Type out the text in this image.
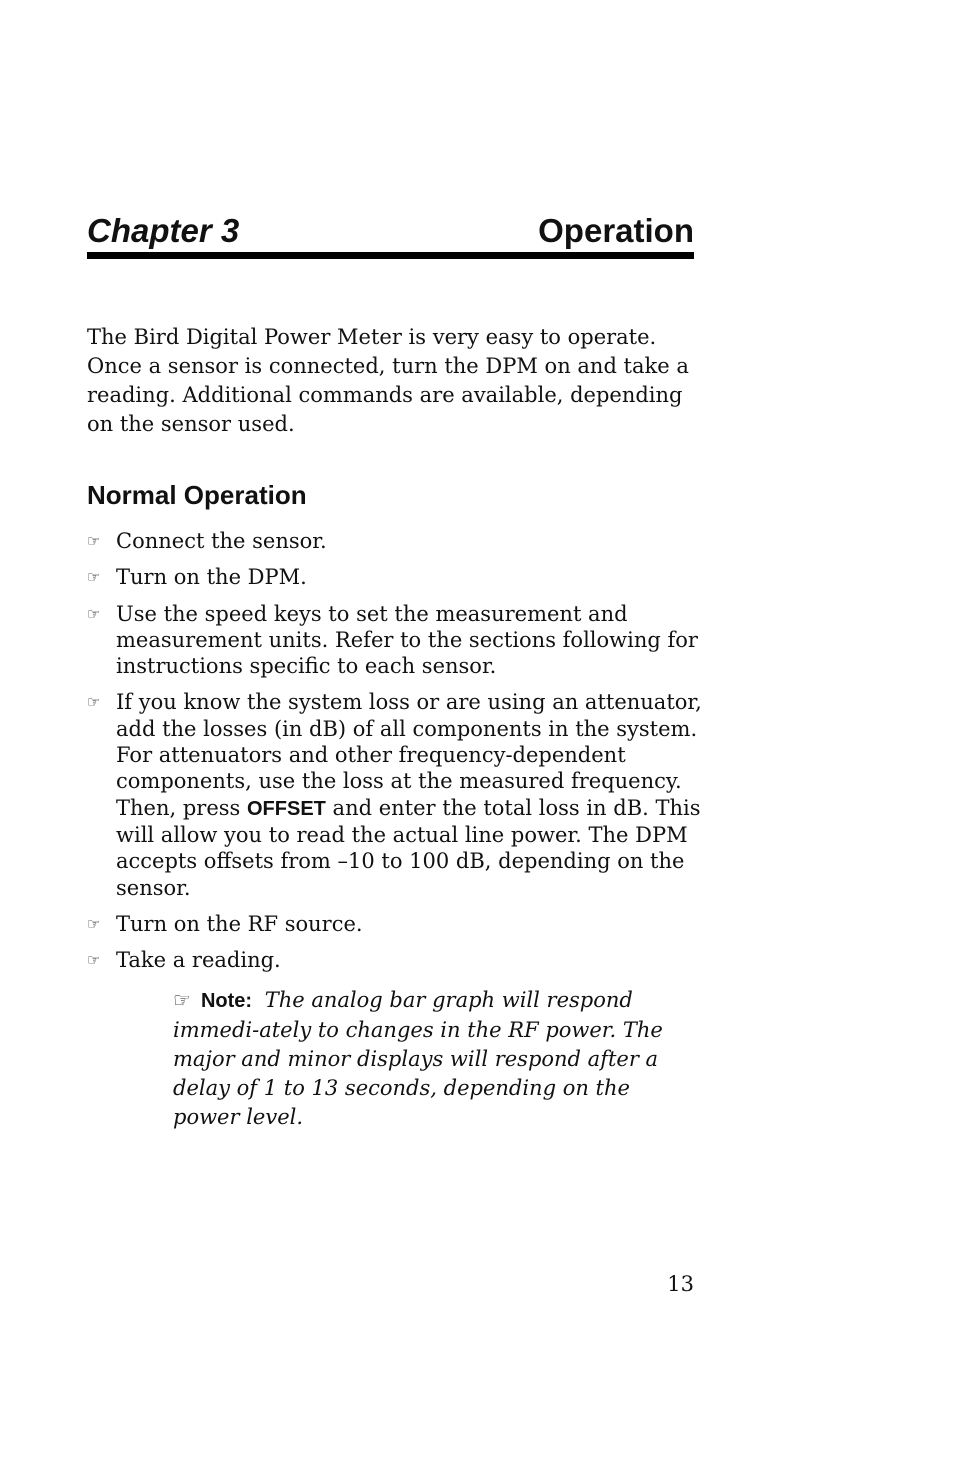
Chapter 3	Operation

The Bird Digital Power Meter is very easy to operate. Once a sensor is connected, turn the DPM on and take a reading. Additional commands are available, depending on the sensor used.

Normal Operation
☞ Connect the sensor.
☞ Turn on the DPM.
☞ Use the speed keys to set the measurement and measurement units. Refer to the sections following for instructions specific to each sensor.
☞ If you know the system loss or are using an attenuator, add the losses (in dB) of all components in the system. For attenuators and other frequency-dependent components, use the loss at the measured frequency. Then, press OFFSET and enter the total loss in dB. This will allow you to read the actual line power. The DPM accepts offsets from –10 to 100 dB, depending on the sensor.
☞ Turn on the RF source.
☞ Take a reading.
☞ Note: The analog bar graph will respond immedi-ately to changes in the RF power. The major and minor displays will respond after a delay of 1 to 13 seconds, depending on the power level.
13
